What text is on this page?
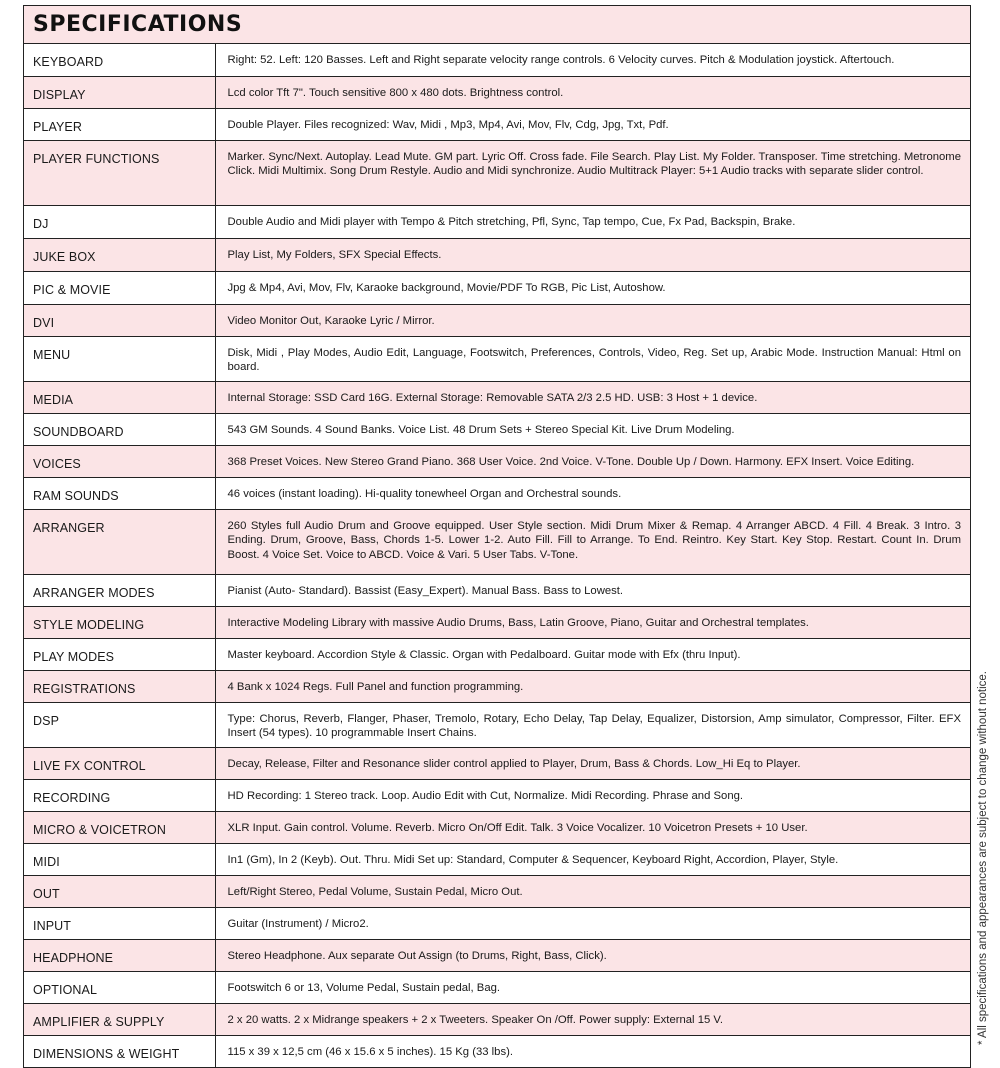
SPECIFICATIONS
KEYBOARD	Right: 52. Left: 120 Basses. Left and Right separate velocity range controls. 6 Velocity curves. Pitch & Modulation joystick. Aftertouch.
DISPLAY	Lcd color Tft 7". Touch sensitive 800 x 480 dots. Brightness control.
PLAYER	Double Player. Files recognized: Wav, Midi , Mp3, Mp4, Avi, Mov, Flv, Cdg, Jpg, Txt, Pdf.
PLAYER FUNCTIONS	Marker. Sync/Next. Autoplay. Lead Mute. GM part. Lyric Off. Cross fade. File Search. Play List. My Folder. Transposer. Time stretching. Metronome Click. Midi Multimix. Song Drum Restyle. Audio and Midi synchronize. Audio Multitrack Player: 5+1 Audio tracks with separate slider control.
DJ	Double Audio and Midi player with Tempo & Pitch stretching, Pfl, Sync, Tap tempo, Cue, Fx Pad, Backspin, Brake.
JUKE BOX	Play List, My Folders, SFX Special Effects.
PIC & MOVIE	Jpg & Mp4, Avi, Mov, Flv, Karaoke background, Movie/PDF To RGB, Pic List, Autoshow.
DVI	Video Monitor Out, Karaoke Lyric / Mirror.
MENU	Disk, Midi , Play Modes, Audio Edit, Language, Footswitch, Preferences, Controls, Video, Reg. Set up, Arabic Mode. Instruction Manual: Html on board.
MEDIA	Internal Storage: SSD Card 16G. External Storage: Removable SATA 2/3 2.5 HD. USB: 3 Host + 1 device.
SOUNDBOARD	543 GM Sounds. 4 Sound Banks. Voice List. 48 Drum Sets + Stereo Special Kit. Live Drum Modeling.
VOICES	368 Preset Voices. New Stereo Grand Piano. 368 User Voice. 2nd Voice. V-Tone. Double Up / Down. Harmony. EFX Insert. Voice Editing.
RAM SOUNDS	46 voices (instant loading). Hi-quality tonewheel Organ and Orchestral sounds.
ARRANGER	260 Styles full Audio Drum and Groove equipped. User Style section. Midi Drum Mixer & Remap. 4 Arranger ABCD. 4 Fill. 4 Break. 3 Intro. 3 Ending. Drum, Groove, Bass, Chords 1-5. Lower 1-2. Auto Fill. Fill to Arrange. To End. Reintro. Key Start. Key Stop. Restart. Count In. Drum Boost. 4 Voice Set. Voice to ABCD. Voice & Vari. 5 User Tabs. V-Tone.
ARRANGER MODES	Pianist (Auto- Standard). Bassist (Easy_Expert). Manual Bass. Bass to Lowest.
STYLE MODELING	Interactive Modeling Library with massive Audio Drums, Bass, Latin Groove, Piano, Guitar and Orchestral templates.
PLAY MODES	Master keyboard. Accordion Style & Classic. Organ with Pedalboard. Guitar mode with Efx (thru Input).
REGISTRATIONS	4 Bank x 1024 Regs. Full Panel and function programming.
DSP	Type: Chorus, Reverb, Flanger, Phaser, Tremolo, Rotary, Echo Delay, Tap Delay, Equalizer, Distorsion, Amp simulator, Compressor, Filter. EFX Insert (54 types). 10 programmable Insert Chains.
LIVE FX CONTROL	Decay, Release, Filter and Resonance slider control applied to Player, Drum, Bass & Chords. Low_Hi Eq to Player.
RECORDING	HD Recording: 1 Stereo track. Loop. Audio Edit with Cut, Normalize. Midi Recording. Phrase and Song.
MICRO & VOICETRON	XLR Input. Gain control. Volume. Reverb. Micro On/Off Edit. Talk. 3 Voice Vocalizer. 10 Voicetron Presets + 10 User.
MIDI	In1 (Gm), In 2 (Keyb). Out. Thru. Midi Set up: Standard, Computer & Sequencer, Keyboard Right, Accordion, Player, Style.
OUT	Left/Right Stereo, Pedal Volume, Sustain Pedal, Micro Out.
INPUT	Guitar (Instrument) / Micro2.
HEADPHONE	Stereo Headphone. Aux separate Out Assign (to Drums, Right, Bass, Click).
OPTIONAL	Footswitch 6 or 13, Volume Pedal, Sustain pedal, Bag.
AMPLIFIER & SUPPLY	2 x 20 watts. 2 x Midrange speakers + 2 x Tweeters. Speaker On /Off. Power supply: External 15 V.
DIMENSIONS & WEIGHT	115 x 39 x 12,5 cm (46 x 15.6 x 5 inches). 15 Kg (33 lbs).
* All specifications and appearances are subject to change without notice.
